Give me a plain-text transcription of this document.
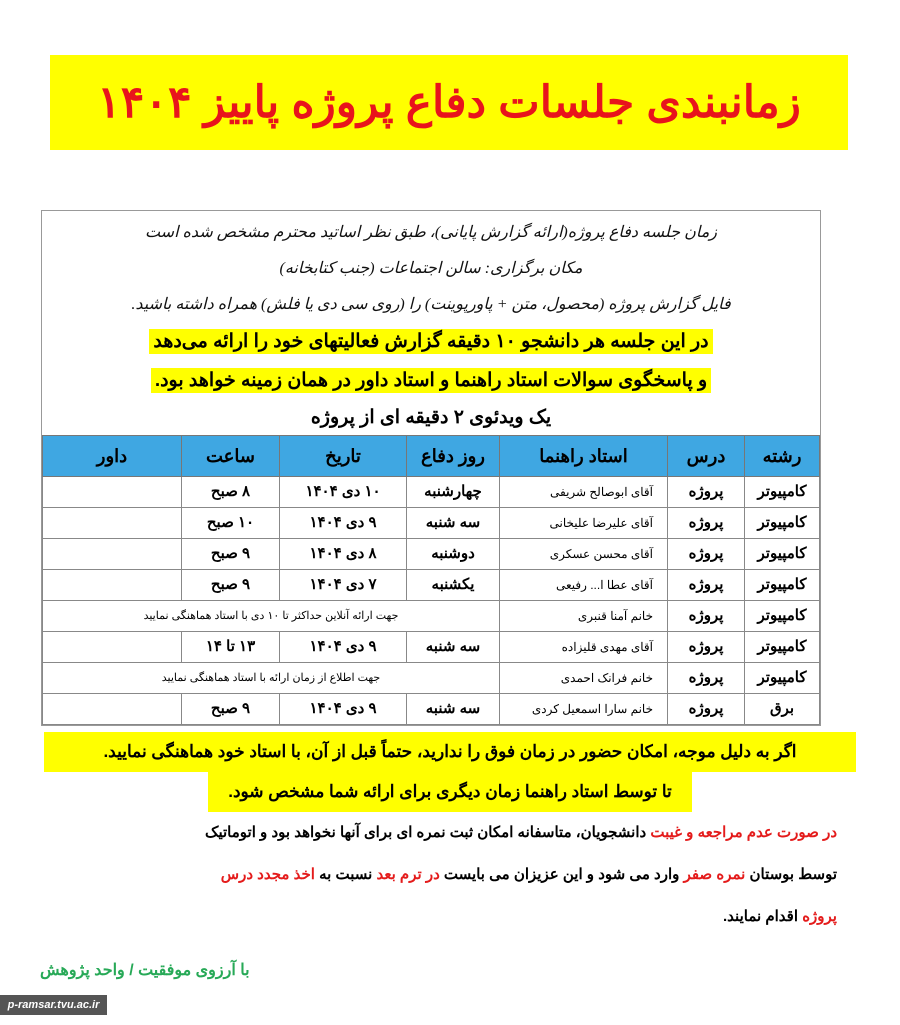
زمانبندی جلسات دفاع پروژه پاییز ۱۴۰۴
زمان جلسه دفاع پروژه(ارائه گزارش پایانی)، طبق نظر اساتید محترم مشخص شده است
مکان برگزاری: سالن اجتماعات (جنب کتابخانه)
فایل گزارش پروژه (محصول، متن + پاورپوینت) را (روی سی دی یا فلش) همراه داشته باشید.
در این جلسه هر دانشجو ۱۰ دقیقه گزارش فعالیتهای خود را ارائه می‌دهد
و پاسخگوی سوالات استاد راهنما و استاد داور در همان زمینه خواهد بود.
یک ویدئوی ۲ دقیقه ای از پروژه
رشته	درس	استاد راهنما	روز دفاع	تاریخ	ساعت	داور
کامپیوتر	پروژه	آقای ابوصالح شریفی	چهارشنبه	۱۰ دی ۱۴۰۴	۸ صبح	
کامپیوتر	پروژه	آقای علیرضا علیخانی	سه شنبه	۹ دی ۱۴۰۴	۱۰ صبح	
کامپیوتر	پروژه	آقای محسن عسکری	دوشنبه	۸ دی ۱۴۰۴	۹ صبح	
کامپیوتر	پروژه	آقای عطا ا... رفیعی	یکشنبه	۷ دی ۱۴۰۴	۹ صبح	
کامپیوتر	پروژه	خانم آمنا قنبری	جهت ارائه آنلاین حداکثر تا ۱۰ دی با استاد هماهنگی نمایید			
کامپیوتر	پروژه	آقای مهدی قلیزاده	سه شنبه	۹ دی ۱۴۰۴	۱۳ تا ۱۴	
کامپیوتر	پروژه	خانم فرانک احمدی	جهت اطلاع از زمان ارائه با استاد هماهنگی نمایید			
برق	پروژه	خانم سارا اسمعیل کردی	سه شنبه	۹ دی ۱۴۰۴	۹ صبح	
اگر به دلیل موجه، امکان حضور در زمان فوق را ندارید، حتماً قبل از آن، با استاد خود هماهنگی نمایید.
تا توسط استاد راهنما زمان دیگری برای ارائه شما مشخص شود.
در صورت عدم مراجعه و غیبت دانشجویان، متاسفانه امکان ثبت نمره ای برای آنها نخواهد بود و اتوماتیک
توسط بوستان نمره صفر وارد می شود و این عزیزان می بایست در ترم بعد نسبت به اخذ مجدد درس
پروژه اقدام نمایند.
با آرزوی موفقیت / واحد پژوهش
p-ramsar.tvu.ac.ir
